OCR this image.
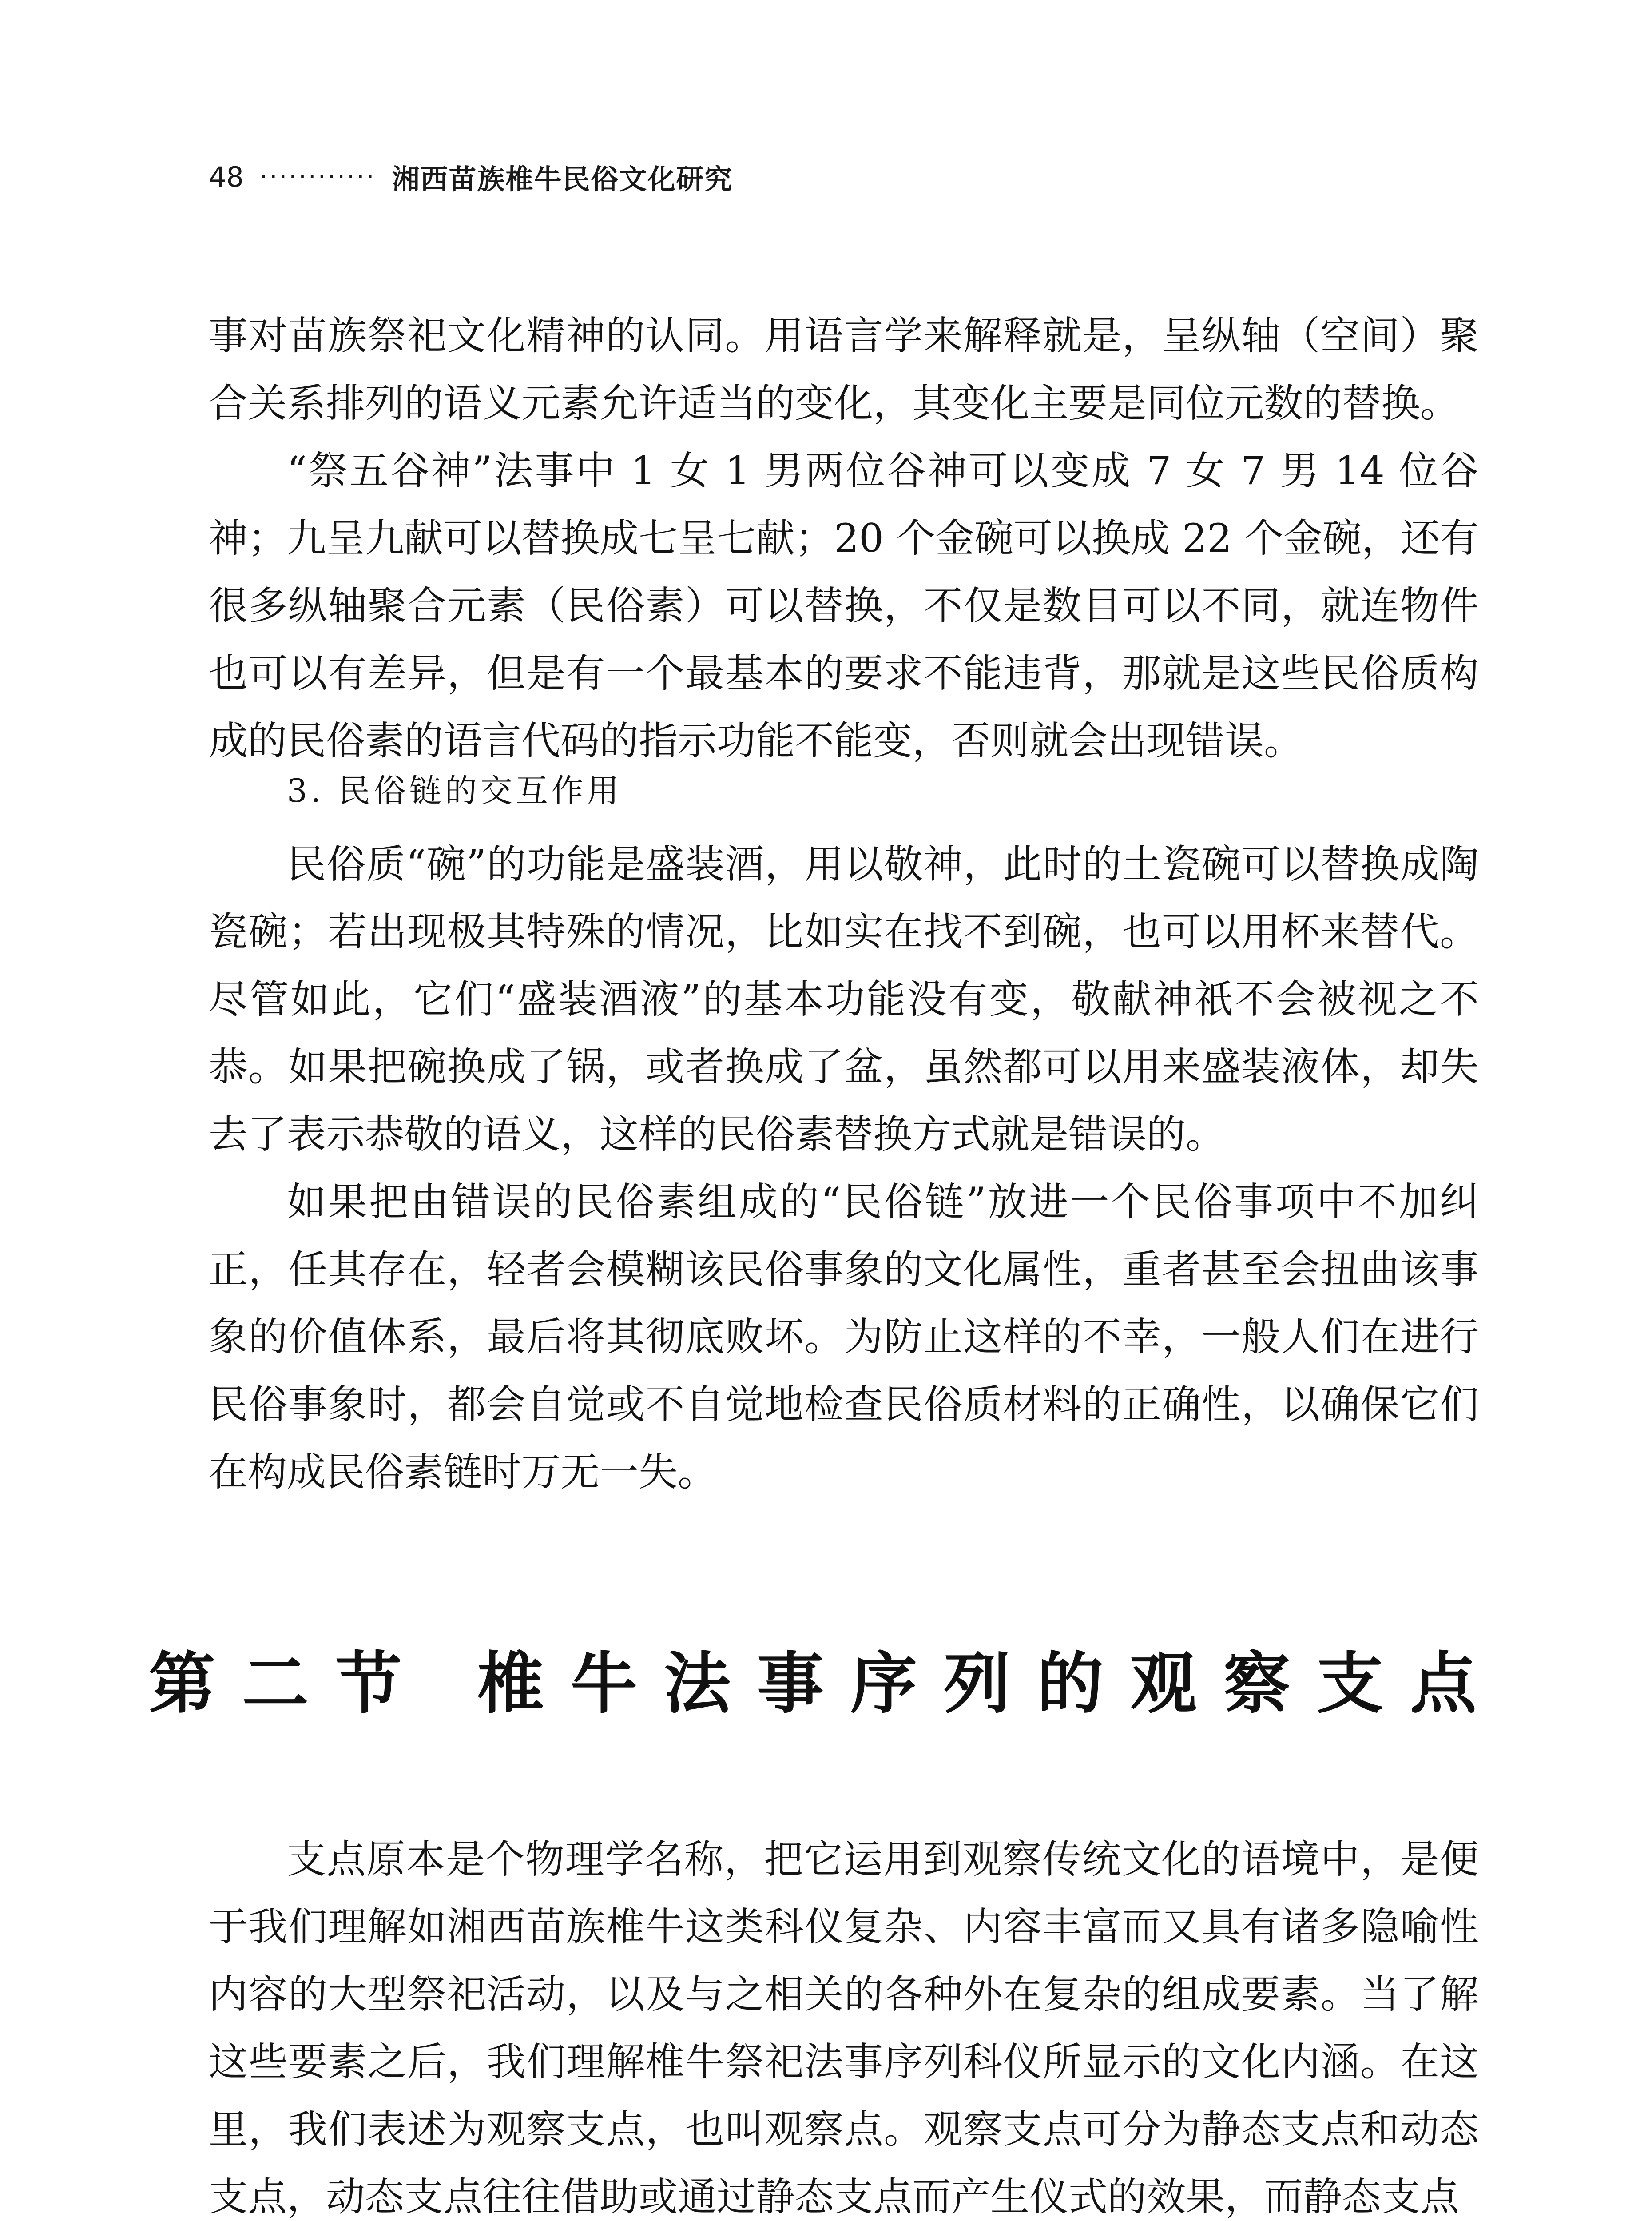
48 ············ 湘西苗族椎牛民俗文化研究

事对苗族祭祀文化精神的认同。用语言学来解释就是，呈纵轴（空间）聚合关系排列的语义元素允许适当的变化，其变化主要是同位元数的替换。

“祭五谷神”法事中 1 女 1 男两位谷神可以变成 7 女 7 男 14 位谷神；九呈九献可以替换成七呈七献；20 个金碗可以换成 22 个金碗，还有很多纵轴聚合元素（民俗素）可以替换，不仅是数目可以不同，就连物件也可以有差异，但是有一个最基本的要求不能违背，那就是这些民俗质构成的民俗素的语言代码的指示功能不能变，否则就会出现错误。

3. 民俗链的交互作用

民俗质“碗”的功能是盛装酒，用以敬神，此时的土瓷碗可以替换成陶瓷碗；若出现极其特殊的情况，比如实在找不到碗，也可以用杯来替代。尽管如此，它们“盛装酒液”的基本功能没有变，敬献神祇不会被视之不恭。如果把碗换成了锅，或者换成了盆，虽然都可以用来盛装液体，却失去了表示恭敬的语义，这样的民俗素替换方式就是错误的。

如果把由错误的民俗素组成的“民俗链”放进一个民俗事项中不加纠正，任其存在，轻者会模糊该民俗事象的文化属性，重者甚至会扭曲该事象的价值体系，最后将其彻底败坏。为防止这样的不幸，一般人们在进行民俗事象时，都会自觉或不自觉地检查民俗质材料的正确性，以确保它们在构成民俗素链时万无一失。

第二节 椎牛法事序列的观察支点

支点原本是个物理学名称，把它运用到观察传统文化的语境中，是便于我们理解如湘西苗族椎牛这类科仪复杂、内容丰富而又具有诸多隐喻性内容的大型祭祀活动，以及与之相关的各种外在复杂的组成要素。当了解这些要素之后，我们理解椎牛祭祀法事序列科仪所显示的文化内涵。在这里，我们表述为观察支点，也叫观察点。观察支点可分为静态支点和动态支点，动态支点往往借助或通过静态支点而产生仪式的效果，而静态支点
